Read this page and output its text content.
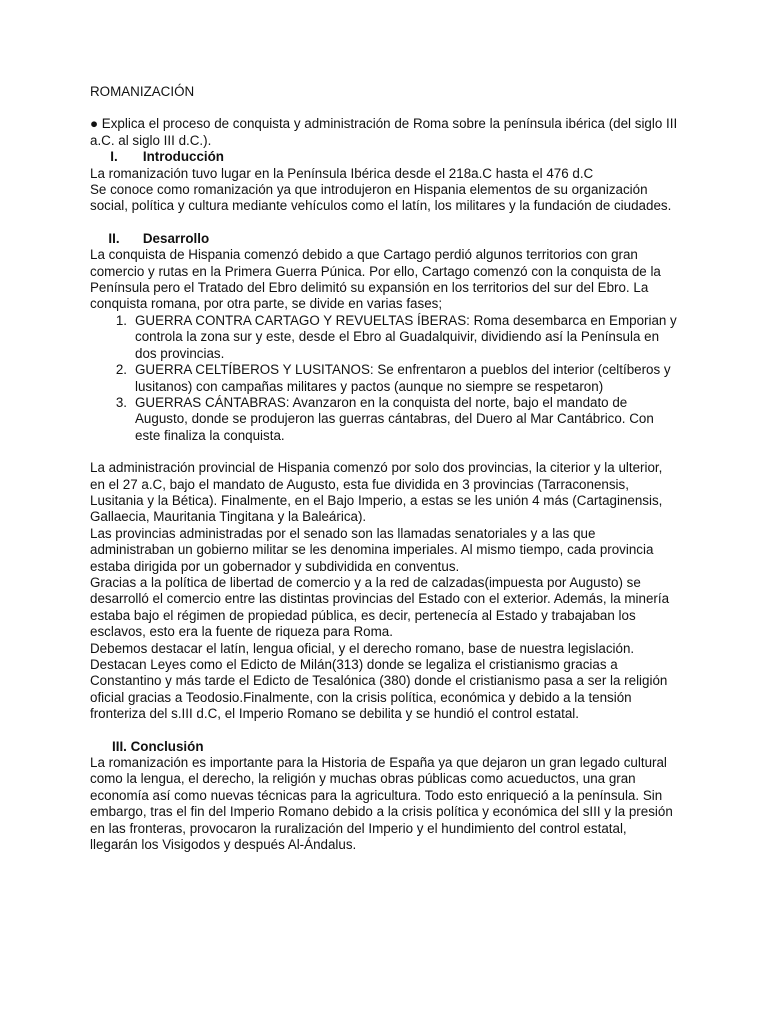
ROMANIZACIÓN

● Explica el proceso de conquista y administración de Roma sobre la península ibérica (del siglo III a.C. al siglo III d.C.).

I. Introducción

La romanización tuvo lugar en la Península Ibérica desde el 218a.C hasta el 476 d.C

Se conoce como romanización ya que introdujeron en Hispania elementos de su organización social, política y cultura mediante vehículos como el latín, los militares y la fundación de ciudades.

II. Desarrollo

La conquista de Hispania comenzó debido a que Cartago perdió algunos territorios con gran comercio y rutas en la Primera Guerra Púnica. Por ello, Cartago comenzó con la conquista de la Península pero el Tratado del Ebro delimitó su expansión en los territorios del sur del Ebro. La conquista romana, por otra parte, se divide en varias fases;

1. GUERRA CONTRA CARTAGO Y REVUELTAS ÍBERAS: Roma desembarca en Emporian y controla la zona sur y este, desde el Ebro al Guadalquivir, dividiendo así la Península en dos provincias.
2. GUERRA CELTÍBEROS Y LUSITANOS: Se enfrentaron a pueblos del interior (celtíberos y lusitanos) con campañas militares y pactos (aunque no siempre se respetaron)
3. GUERRAS CÁNTABRAS: Avanzaron en la conquista del norte, bajo el mandato de Augusto, donde se produjeron las guerras cántabras, del Duero al Mar Cantábrico. Con este finaliza la conquista.

La administración provincial de Hispania comenzó por solo dos provincias, la citerior y la ulterior, en el 27 a.C, bajo el mandato de Augusto, esta fue dividida en 3 provincias (Tarraconensis, Lusitania y la Bética). Finalmente, en el Bajo Imperio, a estas se les unión 4 más (Cartaginensis, Gallaecia, Mauritania Tingitana y la Baleárica).

Las provincias administradas por el senado son las llamadas senatoriales y a las que administraban un gobierno militar se les denomina imperiales. Al mismo tiempo, cada provincia estaba dirigida por un gobernador y subdividida en conventus.

Gracias a la política de libertad de comercio y a la red de calzadas(impuesta por Augusto) se desarrolló el comercio entre las distintas provincias del Estado con el exterior. Además, la minería estaba bajo el régimen de propiedad pública, es decir, pertenecía al Estado y trabajaban los esclavos, esto era la fuente de riqueza para Roma.

Debemos destacar el latín, lengua oficial, y el derecho romano, base de nuestra legislación.

Destacan Leyes como el Edicto de Milán(313) donde se legaliza el cristianismo gracias a Constantino y más tarde el Edicto de Tesalónica (380) donde el cristianismo pasa a ser la religión oficial gracias a Teodosio.Finalmente, con la crisis política, económica y debido a la tensión fronteriza del s.III d.C, el Imperio Romano se debilita y se hundió el control estatal.

III. Conclusión

La romanización es importante para la Historia de España ya que dejaron un gran legado cultural como la lengua, el derecho, la religión y muchas obras públicas como acueductos, una gran economía así como nuevas técnicas para la agricultura. Todo esto enriqueció a la península. Sin embargo, tras el fin del Imperio Romano debido a la crisis política y económica del sIII y la presión en las fronteras, provocaron la ruralización del Imperio y el hundimiento del control estatal, llegarán los Visigodos y después Al-Ándalus.
